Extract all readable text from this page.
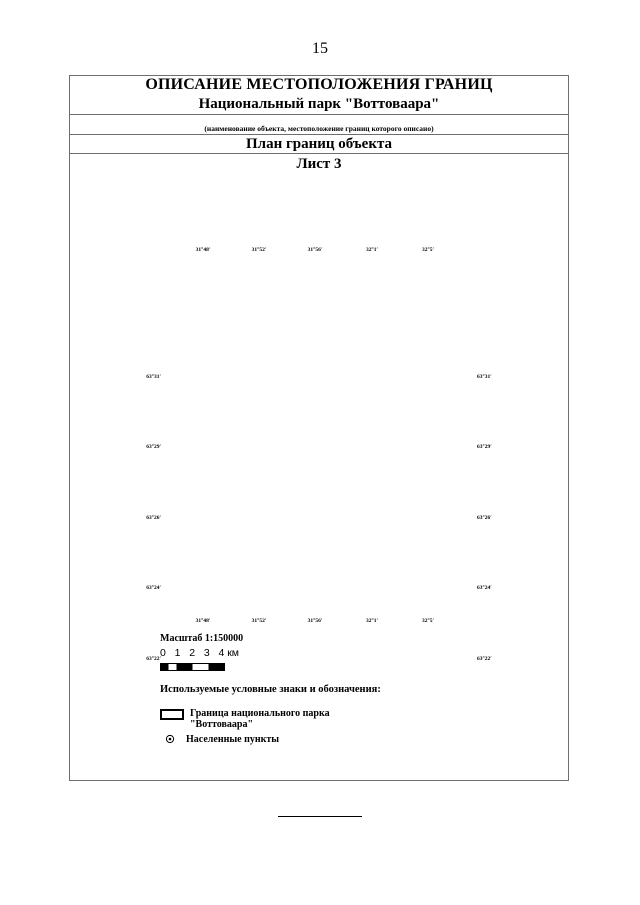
15
ОПИСАНИЕ МЕСТОПОЛОЖЕНИЯ ГРАНИЦ
Национальный парк "Воттоваара"
(наименование объекта, местоположение границ которого описано)
План границ объекта
Лист 3
31°48′	31°52′	31°56′	32°1′	32°5′
31°48′	31°52′	31°56′	32°1′	32°5′
63°31′
63°29′
63°26′
63°24′
63°22′
63°31′
63°29′
63°26′
63°24′
63°22′
Масштаб 1:150000
0 1 2 3 4 км
Используемые условные знаки и обозначения:
Граница национального парка
"Воттоваара"
Населенные пункты
